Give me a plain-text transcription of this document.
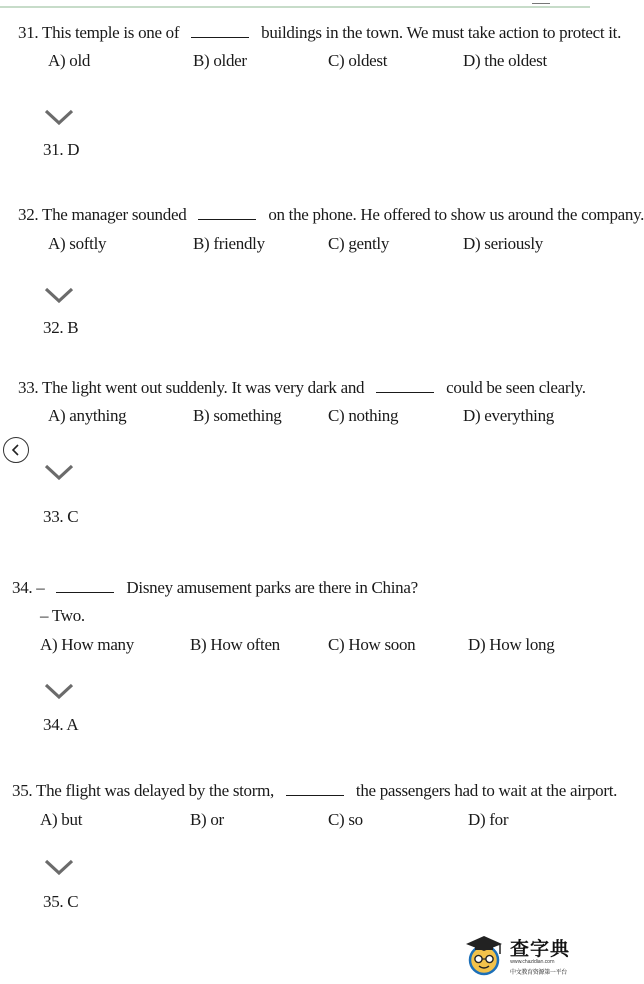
31. This temple is one of	buildings in the town. We must take action to protect it.
A) old	B) older	C) oldest	D) the oldest
31. D
32. The manager sounded	on the phone. He offered to show us around the company.
A) softly	B) friendly	C) gently	D) seriously
32. B
33. The light went out suddenly. It was very dark and	could be seen clearly.
A) anything	B) something	C) nothing	D) everything
33. C
34. –	Disney amusement parks are there in China?
– Two.
A) How many	B) How often	C) How soon	D) How long
34. A
35. The flight was delayed by the storm,	the passengers had to wait at the airport.
A) but	B) or	C) so	D) for
35. C
查字典
www.chazidian.com
中文教育资源第一平台
